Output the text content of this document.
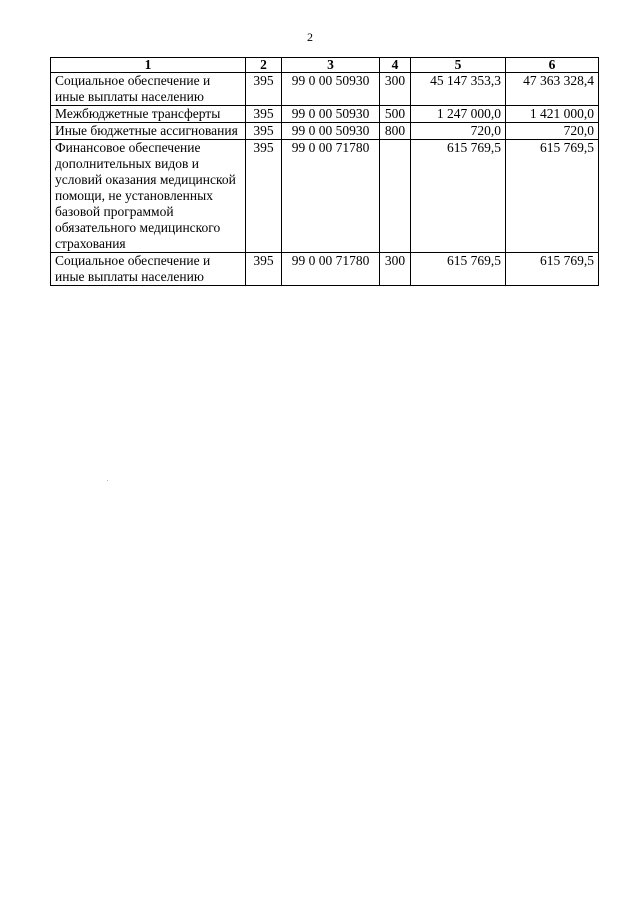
2
1	2	3	4	5	6
Социальное обеспечение и иные выплаты населению	395	99 0 00 50930	300	45 147 353,3	47 363 328,4
Межбюджетные трансферты	395	99 0 00 50930	500	1 247 000,0	1 421 000,0
Иные бюджетные ассигнования	395	99 0 00 50930	800	720,0	720,0
Финансовое обеспечение дополнительных видов и условий оказания медицинской помощи, не установленных базовой программой обязательного медицинского страхования	395	99 0 00 71780		615 769,5	615 769,5
Социальное обеспечение и иные выплаты населению	395	99 0 00 71780	300	615 769,5	615 769,5
